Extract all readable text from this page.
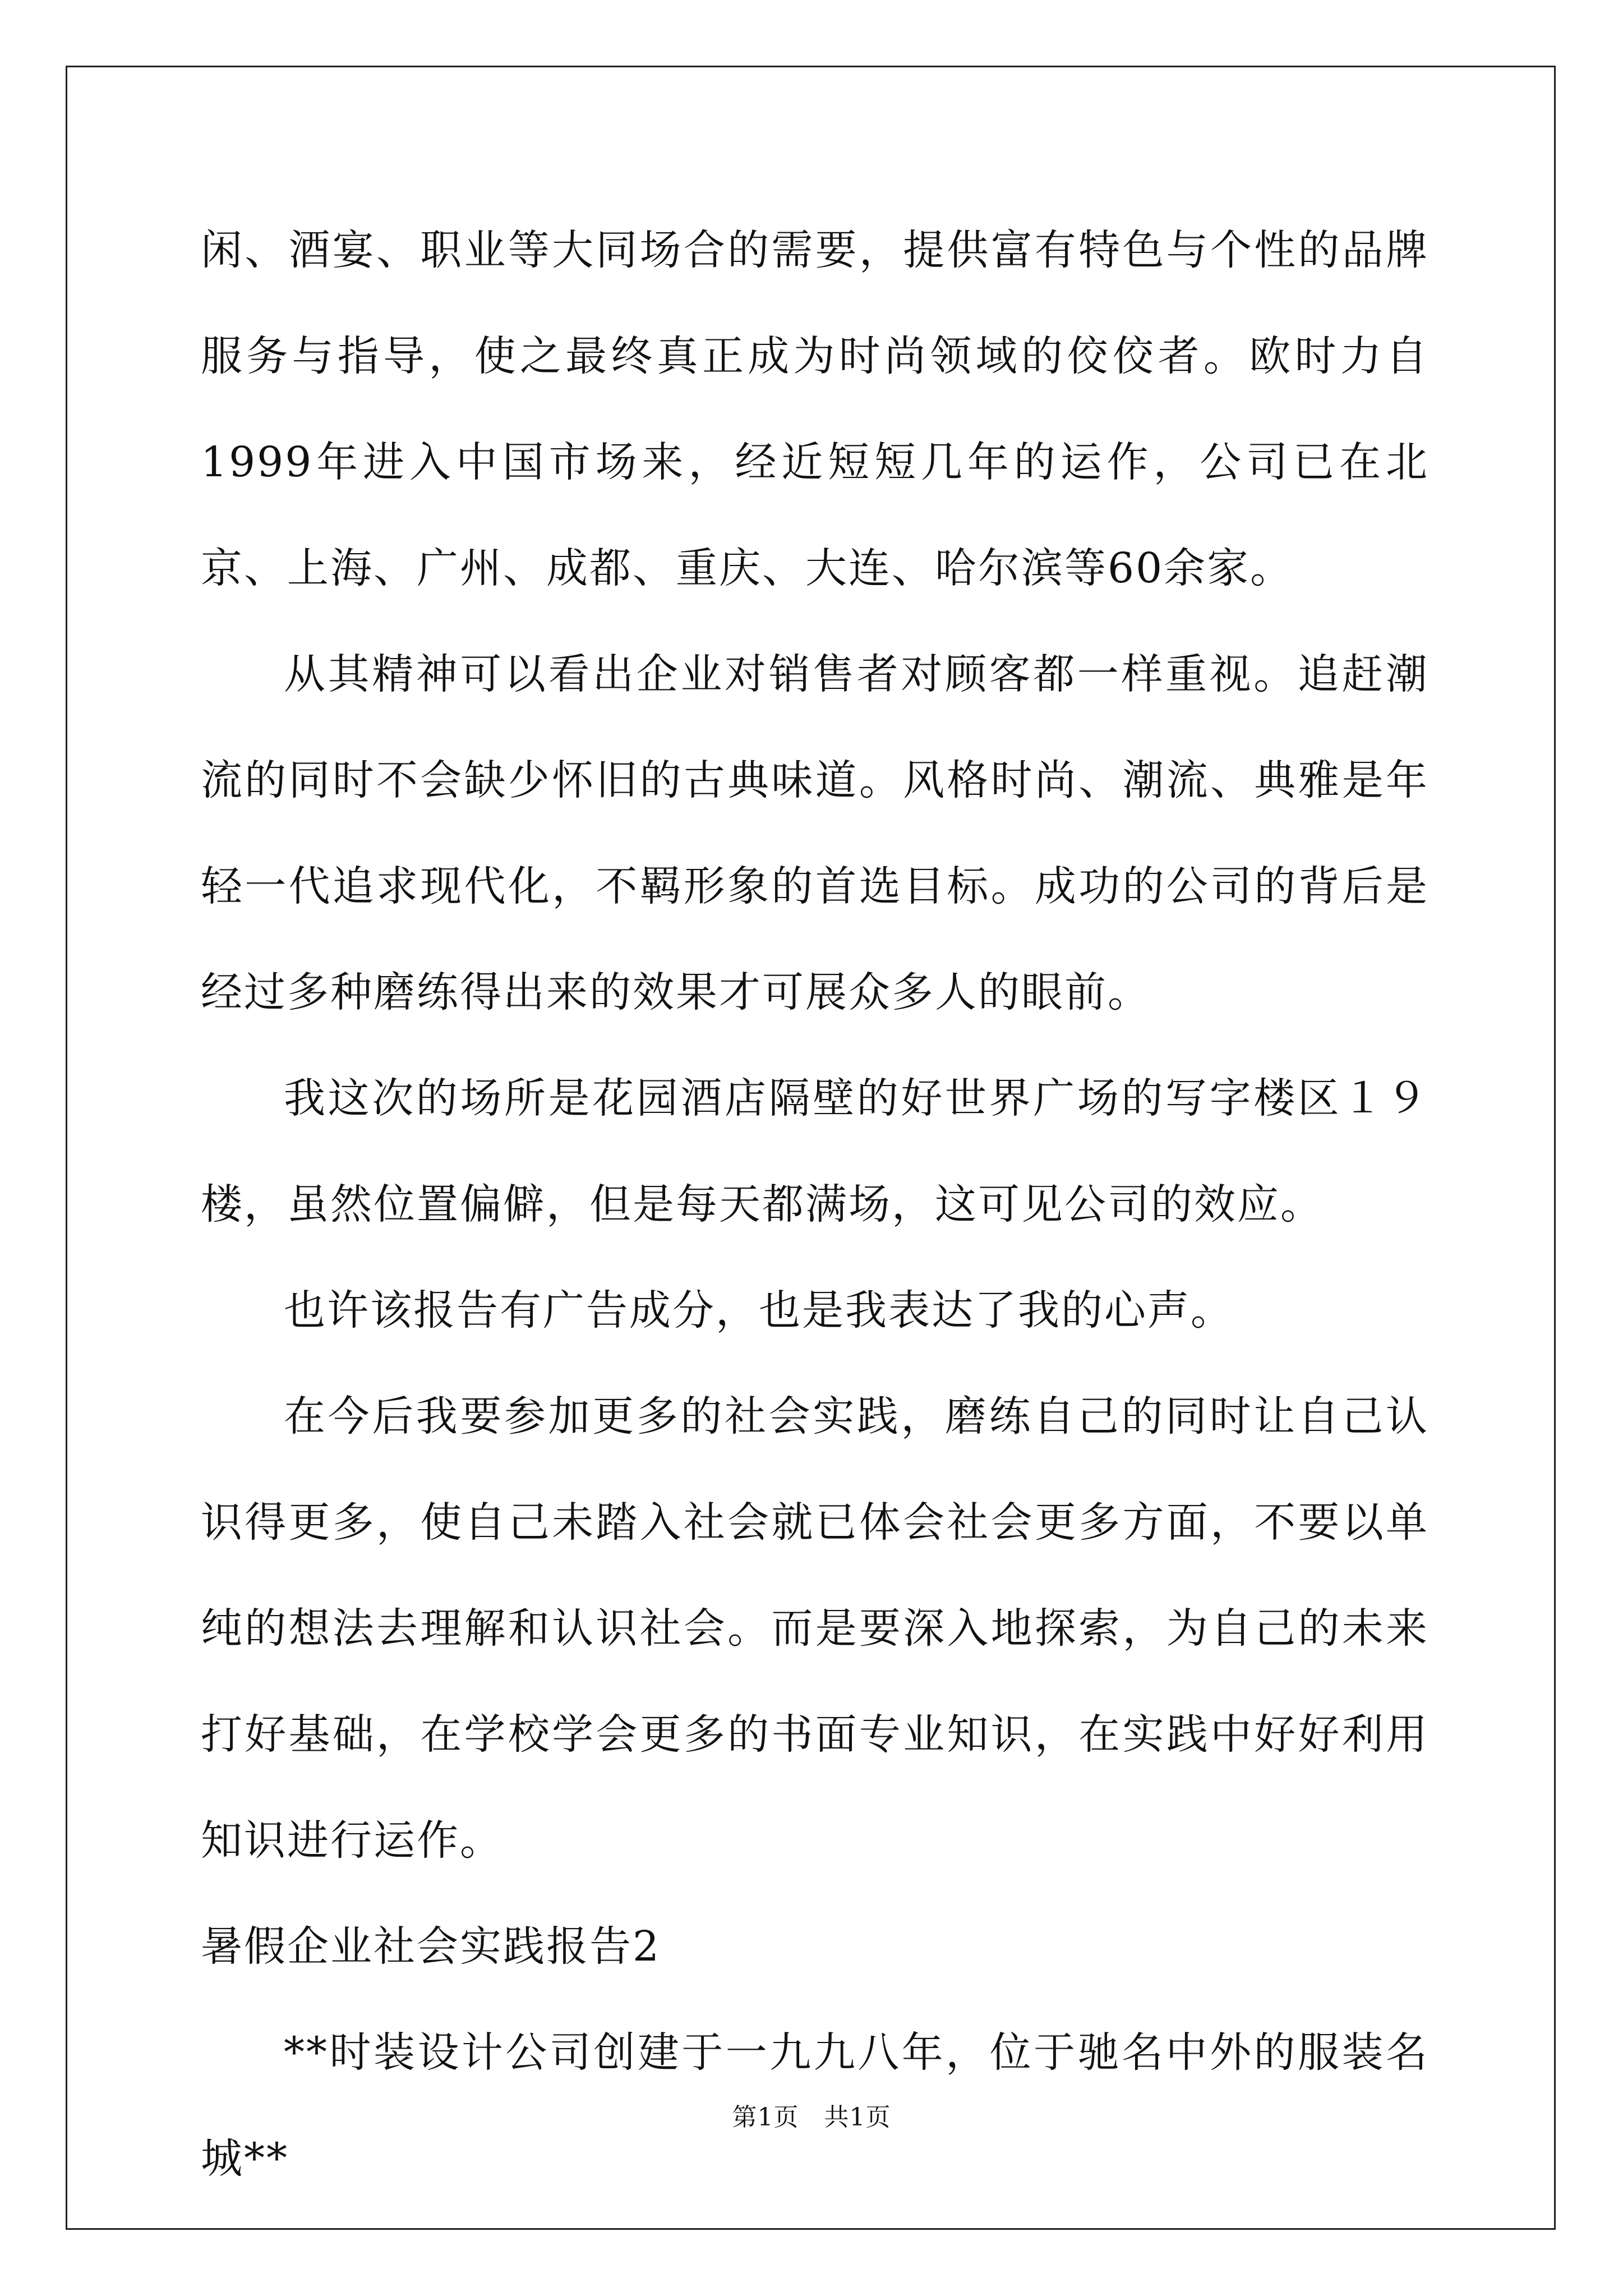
闲、酒宴、职业等大同场合的需要，提供富有特色与个性的品牌服务与指导，使之最终真正成为时尚领域的佼佼者。欧时力自1999年进入中国市场来，经近短短几年的运作，公司已在北京、上海、广州、成都、重庆、大连、哈尔滨等60余家。

从其精神可以看出企业对销售者对顾客都一样重视。追赶潮流的同时不会缺少怀旧的古典味道。风格时尚、潮流、典雅是年轻一代追求现代化，不羁形象的首选目标。成功的公司的背后是经过多种磨练得出来的效果才可展众多人的眼前。

我这次的场所是花园酒店隔壁的好世界广场的写字楼区１９楼，虽然位置偏僻，但是每天都满场，这可见公司的效应。

也许该报告有广告成分，也是我表达了我的心声。

在今后我要参加更多的社会实践，磨练自己的同时让自己认识得更多，使自己未踏入社会就已体会社会更多方面，不要以单纯的想法去理解和认识社会。而是要深入地探索，为自己的未来打好基础，在学校学会更多的书面专业知识，在实践中好好利用知识进行运作。

暑假企业社会实践报告2

**时装设计公司创建于一九九八年，位于驰名中外的服装名城**

第1页　共1页
